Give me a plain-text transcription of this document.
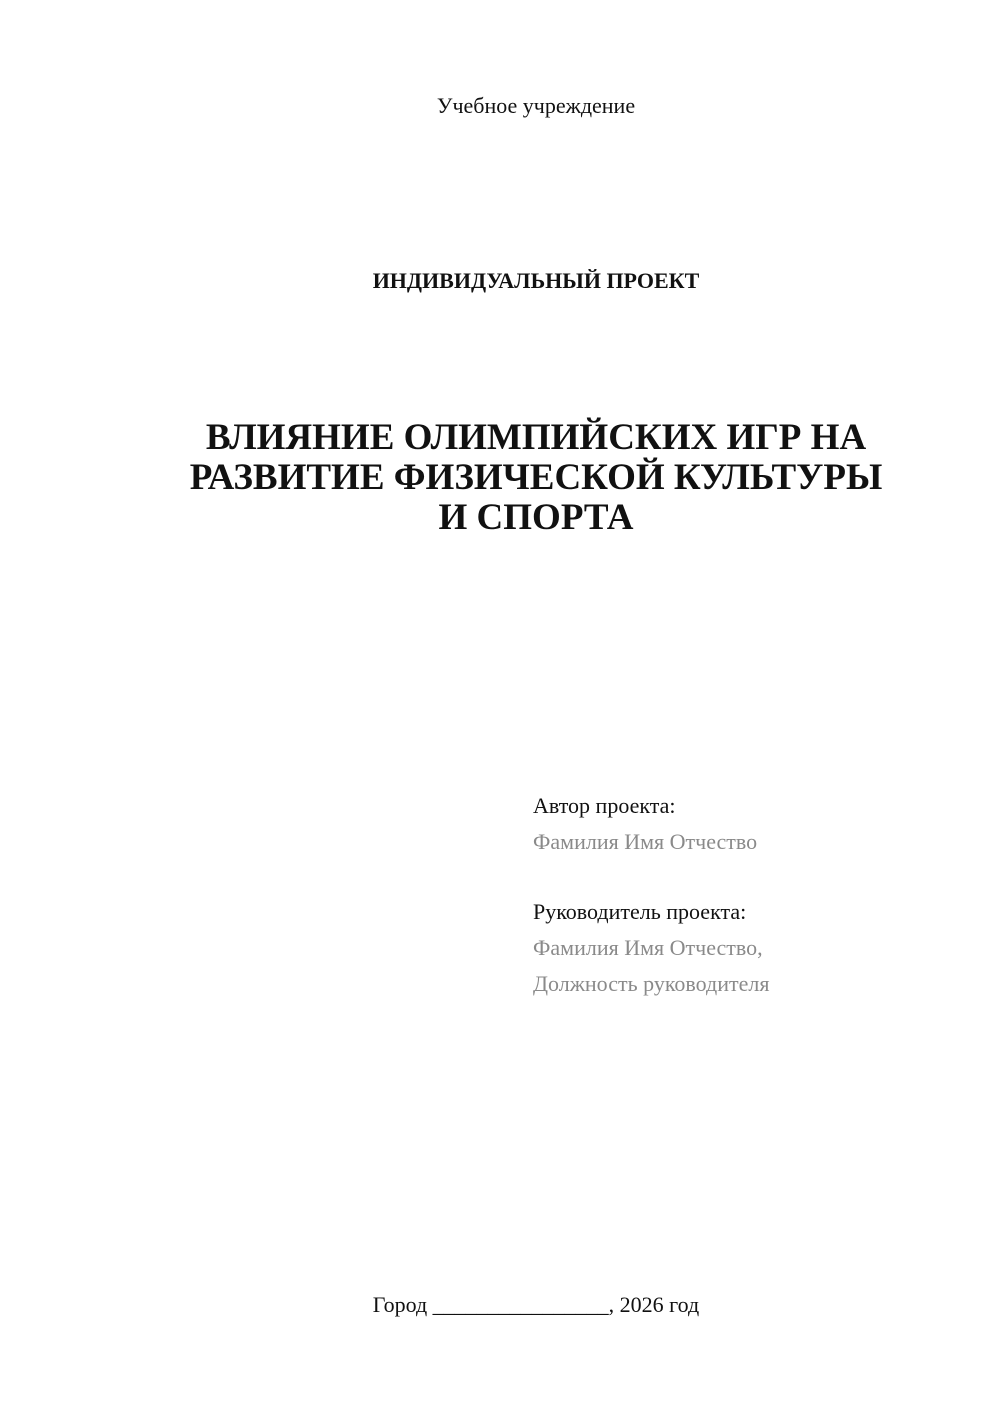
Учебное учреждение
ИНДИВИДУАЛЬНЫЙ ПРОЕКТ
ВЛИЯНИЕ ОЛИМПИЙСКИХ ИГР НА
РАЗВИТИЕ ФИЗИЧЕСКОЙ КУЛЬТУРЫ
И СПОРТА
Автор проекта:
Фамилия Имя Отчество
Руководитель проекта:
Фамилия Имя Отчество,
Должность руководителя
Город ________________, 2026 год
